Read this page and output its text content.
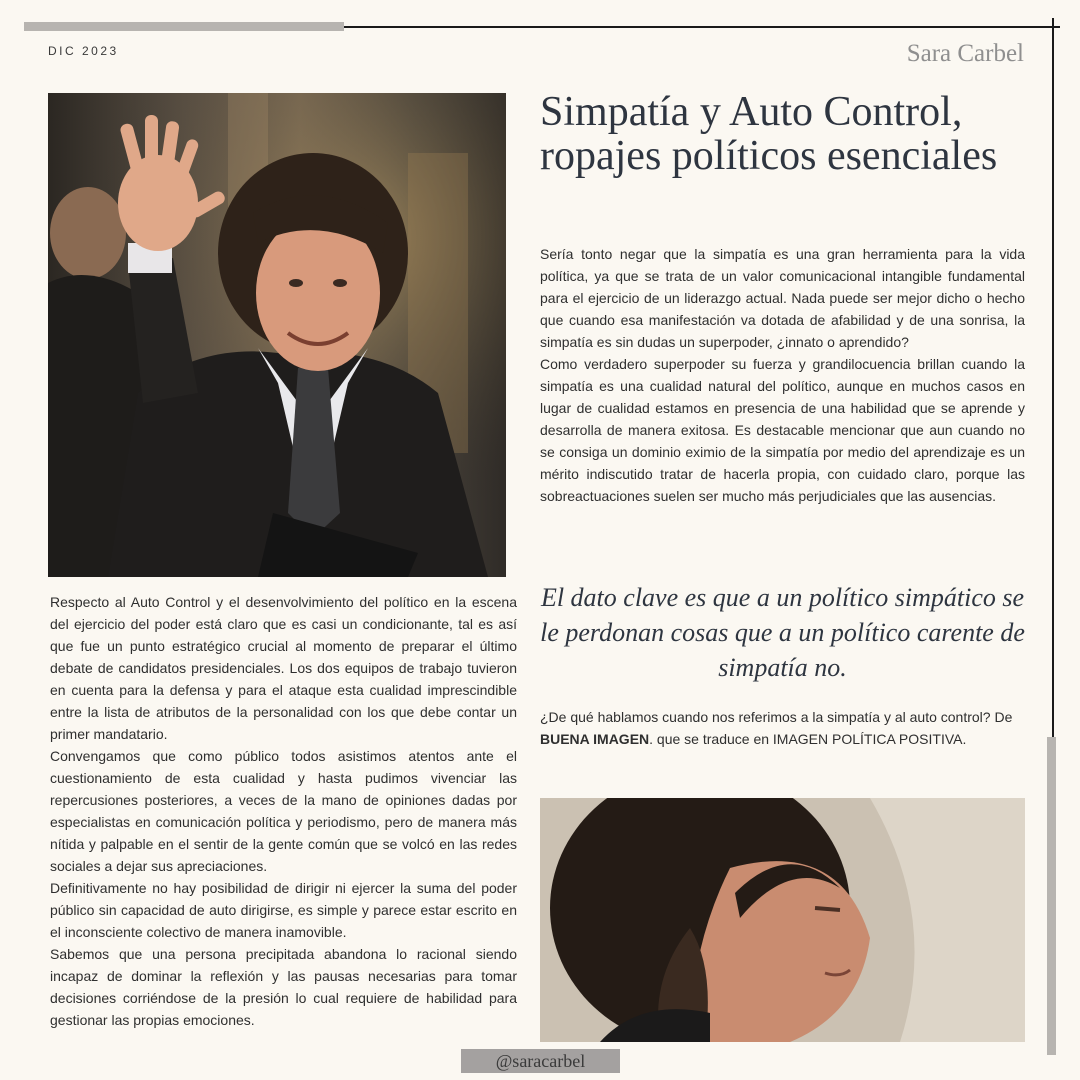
DIC 2023	Sara Carbel
Simpatía y Auto Control, ropajes políticos esenciales

Sería tonto negar que la simpatía es una gran herramienta para la vida política, ya que se trata de un valor comunicacional intangible fundamental para el ejercicio de un liderazgo actual. Nada puede ser mejor dicho o hecho que cuando esa manifestación va dotada de afabilidad y de una sonrisa, la simpatía es sin dudas un superpoder, ¿innato o aprendido?

Como verdadero superpoder su fuerza y grandilocuencia brillan cuando la simpatía es una cualidad natural del político, aunque en muchos casos en lugar de cualidad estamos en presencia de una habilidad que se aprende y desarrolla de manera exitosa. Es destacable mencionar que aun cuando no se consiga un dominio eximio de la simpatía por medio del aprendizaje es un mérito indiscutido tratar de hacerla propia, con cuidado claro, porque las sobreactuaciones suelen ser mucho más perjudiciales que las ausencias.

El dato clave es que a un político simpático se le perdonan cosas que a un político carente de simpatía no.

¿De qué hablamos cuando nos referimos a la simpatía y al auto control? De BUENA IMAGEN. que se traduce en IMAGEN POLÍTICA POSITIVA.

Respecto al Auto Control y el desenvolvimiento del político en la escena del ejercicio del poder está claro que es casi un condicionante, tal es así que fue un punto estratégico crucial al momento de preparar el último debate de candidatos presidenciales. Los dos equipos de trabajo tuvieron en cuenta para la defensa y para el ataque esta cualidad imprescindible entre la lista de atributos de la personalidad con los que debe contar un primer mandatario.

Convengamos que como público todos asistimos atentos ante el cuestionamiento de esta cualidad y hasta pudimos vivenciar las repercusiones posteriores, a veces de la mano de opiniones dadas por especialistas en comunicación política y periodismo, pero de manera más nítida y palpable en el sentir de la gente común que se volcó en las redes sociales a dejar sus apreciaciones.

Definitivamente no hay posibilidad de dirigir ni ejercer la suma del poder público sin capacidad de auto dirigirse, es simple y parece estar escrito en el inconsciente colectivo de manera inamovible.

Sabemos que una persona precipitada abandona lo racional siendo incapaz de dominar la reflexión y las pausas necesarias para tomar decisiones corriéndose de la presión lo cual requiere de habilidad para gestionar las propias emociones.

@saracarbel
